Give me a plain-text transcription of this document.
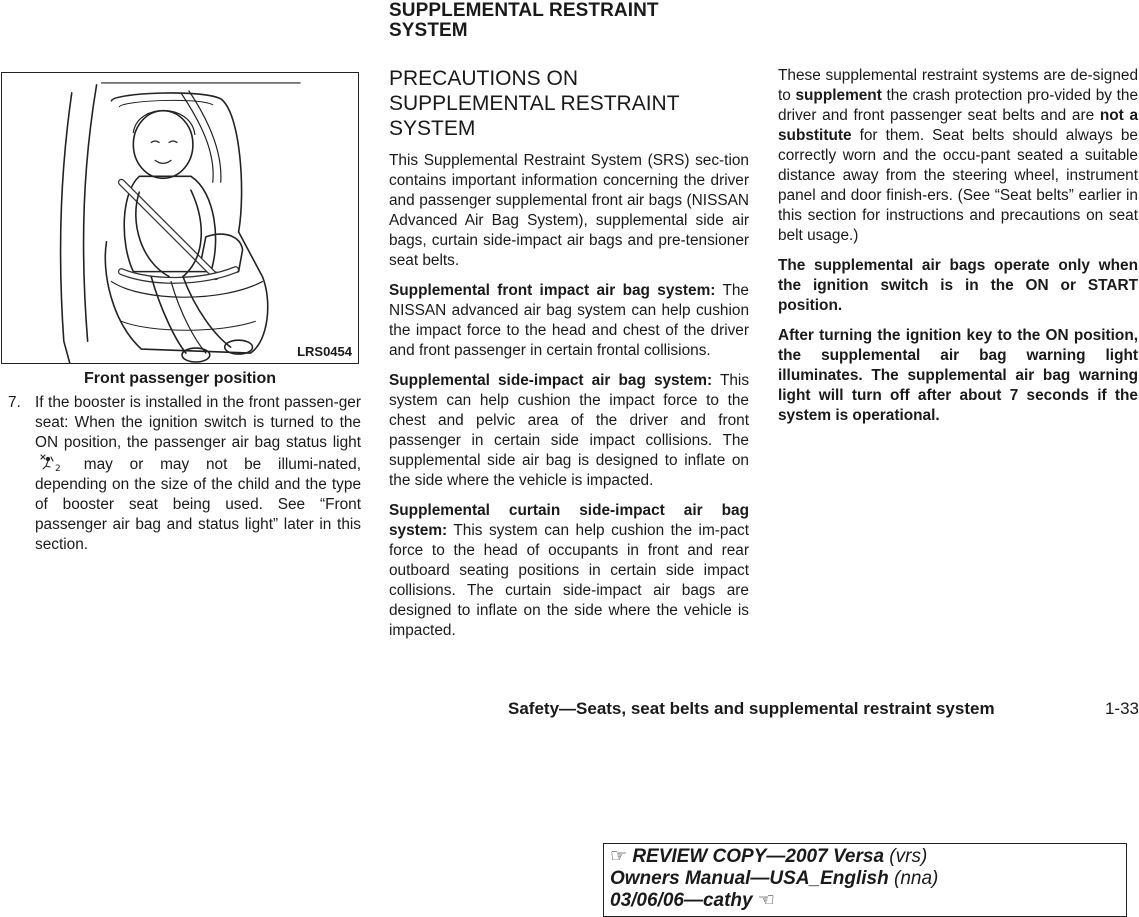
SUPPLEMENTAL RESTRAINT
SYSTEM
LRS0454
Front passenger position
7. If the booster is installed in the front passen-ger seat: When the ignition switch is turned to the ON position, the passenger air bag status light
2 may or may not be illumi-nated, depending on the size of the child and the type of booster seat being used. See “Front passenger air bag and status light” later in this section.
PRECAUTIONS ON
SUPPLEMENTAL RESTRAINT
SYSTEM

This Supplemental Restraint System (SRS) sec-tion contains important information concerning the driver and passenger supplemental front air bags (NISSAN Advanced Air Bag System), supplemental side air bags, curtain side-impact air bags and pre-tensioner seat belts.

Supplemental front impact air bag system: The NISSAN advanced air bag system can help cushion the impact force to the head and chest of the driver and front passenger in certain frontal collisions.

Supplemental side-impact air bag system: This system can help cushion the impact force to the chest and pelvic area of the driver and front passenger in certain side impact collisions. The supplemental side air bag is designed to inflate on the side where the vehicle is impacted.

Supplemental curtain side-impact air bag system: This system can help cushion the im-pact force to the head of occupants in front and rear outboard seating positions in certain side impact collisions. The curtain side-impact air bags are designed to inflate on the side where the vehicle is impacted.

These supplemental restraint systems are de-signed to supplement the crash protection pro-vided by the driver and front passenger seat belts and are not a substitute for them. Seat belts should always be correctly worn and the occu-pant seated a suitable distance away from the steering wheel, instrument panel and door finish-ers. (See “Seat belts” earlier in this section for instructions and precautions on seat belt usage.)

The supplemental air bags operate only when the ignition switch is in the ON or START position.

After turning the ignition key to the ON position, the supplemental air bag warning light illuminates. The supplemental air bag warning light will turn off after about 7 seconds if the system is operational.

Safety—Seats, seat belts and supplemental restraint system	1-33
☞ REVIEW COPY—2007 Versa (vrs)
Owners Manual—USA_English (nna)
03/06/06—cathy ☜
